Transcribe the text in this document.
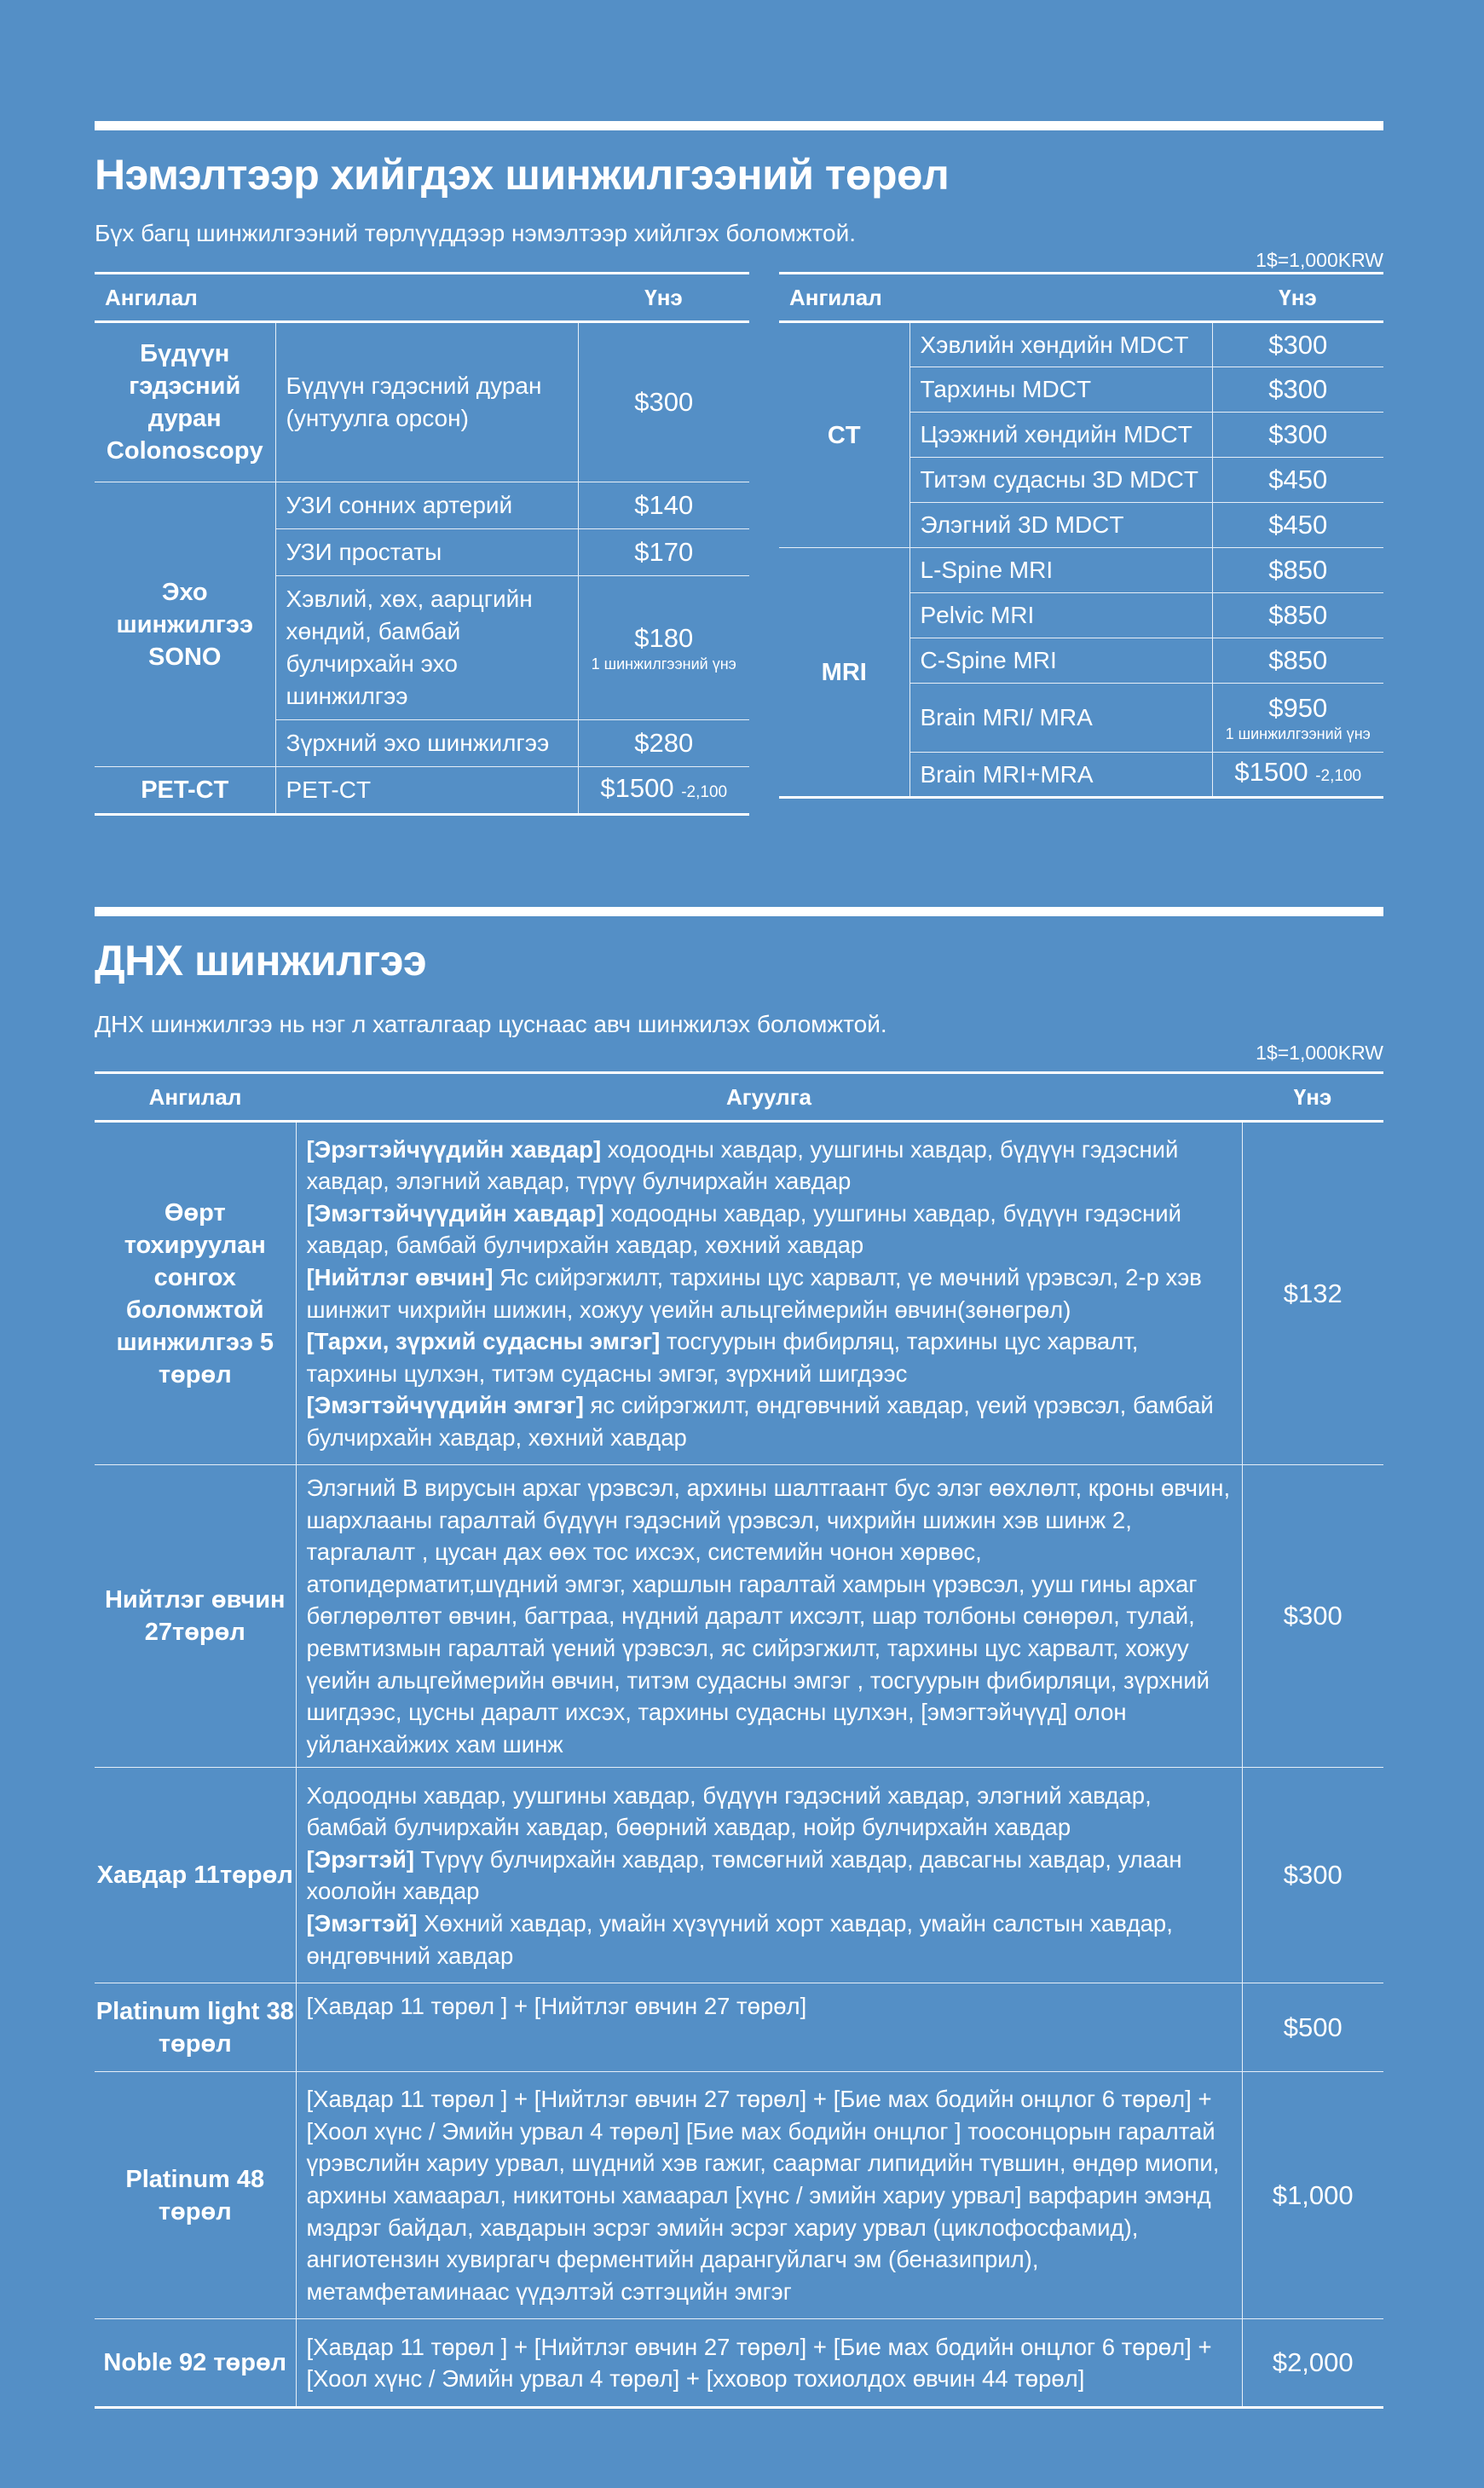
Нэмэлтээр хийгдэх шинжилгээний төрөл
Бүх багц шинжилгээний төрлүүддээр нэмэлтээр хийлгэх боломжтой.
1$=1,000KRW
Ангилал		Үнэ
Бүдүүн гэдэсний дуран Colonoscopy	Бүдүүн гэдэсний дуран (унтуулга орсон)	$300
Эхо шинжилгээ SONO	УЗИ сонних артерий	$140
	УЗИ простаты	$170
	Хэвлий, хөх, аарцгийн хөндий, бамбай булчирхайн эхо шинжилгээ	$180
1 шинжилгээний үнэ

	Зүрхний эхо шинжилгээ	$280
PET-CT	PET-CT	$1500 -2,100
Ангилал		Үнэ
CT	Хэвлийн хөндийн MDCT	$300
	Тархины MDCT	$300
	Цээжний хөндийн MDCT	$300
	Титэм судасны 3D MDCT	$450
	Элэгний 3D MDCT	$450
MRI	L-Spine MRI	$850
	Pelvic MRI	$850
	C-Spine MRI	$850
	Brain MRI/ MRA	$950
1 шинжилгээний үнэ

	Brain MRI+MRA	$1500 -2,100
ДНХ шинжилгээ
ДНХ шинжилгээ нь нэг л хатгалгаар цуснаас авч шинжилэх боломжтой.
1$=1,000KRW
Ангилал	Агуулга	Үнэ
Өөрт тохируулан сонгох боломжтой шинжилгээ 5 төрөл	[Эрэгтэйчүүдийн хавдар] ходоодны хавдар, уушгины хавдар, бүдүүн гэдэсний хавдар, элэгний хавдар, түрүү булчирхайн хавдар
[Эмэгтэйчүүдийн хавдар] ходоодны хавдар, уушгины хавдар, бүдүүн гэдэсний хавдар, бамбай булчирхайн хавдар, хөхний хавдар
[Нийтлэг өвчин] Яс сийрэгжилт, тархины цус харвалт, үе мөчний үрэвсэл, 2-р хэв шинжит чихрийн шижин, хожуу үеийн альцгеймерийн өвчин(зөнөгрөл)
[Тархи, зүрхий судасны эмгэг] тосгуурын фибирляц, тархины цус харвалт, тархины цулхэн, титэм судасны эмгэг, зүрхний шигдээс
[Эмэгтэйчүүдийн эмгэг] яс сийрэгжилт, өндгөвчний хавдар, үеий үрэвсэл, бамбай булчирхайн хавдар, хөхний хавдар	$132
Нийтлэг өвчин 27төрөл	Элэгний В вирусын архаг үрэвсэл, архины шалтгаант бус элэг өөхлөлт, кроны өвчин, шархлааны гаралтай бүдүүн гэдэсний үрэвсэл, чихрийн шижин хэв шинж 2, таргалалт , цусан дах өөх тос ихсэх, системийн чонон хөрвөс, атопидерматит,шүдний эмгэг, харшлын гаралтай хамрын үрэвсэл, ууш гины архаг бөглөрөлтөт өвчин, багтраа, нүдний даралт ихсэлт, шар толбоны сөнөрөл, тулай, ревмтизмын гаралтай үений үрэвсэл, яс сийрэгжилт, тархины цус харвалт, хожуу үеийн альцгеймерийн өвчин, титэм судасны эмгэг , тосгуурын фибирляци, зүрхний шигдээс, цусны даралт ихсэх, тархины судасны цулхэн, [эмэгтэйчүүд] олон уйланхайжих хам шинж	$300
Хавдар 11төрөл	Ходоодны хавдар, уушгины хавдар, бүдүүн гэдэсний хавдар, элэгний хавдар, бамбай булчирхайн хавдар, бөөрний хавдар, нойр булчирхайн хавдар
[Эрэгтэй] Түрүү булчирхайн хавдар, төмсөгний хавдар, давсагны хавдар, улаан хоолойн хавдар
[Эмэгтэй] Хөхний хавдар, умайн хүзүүний хорт хавдар, умайн салстын хавдар, өндгөвчний хавдар	$300
Platinum light 38 төрөл	[Хавдар 11 төрөл ] + [Нийтлэг өвчин 27 төрөл]	$500
Platinum 48 төрөл	[Хавдар 11 төрөл ] + [Нийтлэг өвчин 27 төрөл] + [Бие мах бодийн онцлог 6 төрөл] + [Хоол хүнс / Эмийн урвал 4 төрөл] [Бие мах бодийн онцлог ] тоосонцорын гаралтай үрэвслийн хариу урвал, шүдний хэв гажиг, саармаг липидийн түвшин, өндөр миопи, архины хамаарал, никитоны хамаарал [хүнс / эмийн хариу урвал] варфарин эмэнд мэдрэг байдал, хавдарын эсрэг эмийн эсрэг хариу урвал (циклофосфамид), ангиотензин хувиргагч ферментийн дарангуйлагч эм (беназиприл), метамфетаминаас үүдэлтэй сэтгэцийн эмгэг	$1,000
Noble 92 төрөл	[Хавдар 11 төрөл ] + [Нийтлэг өвчин 27 төрөл] + [Бие мах бодийн онцлог 6 төрөл] + [Хоол хүнс / Эмийн урвал 4 төрөл] + [хховор тохиолдох өвчин 44 төрөл]	$2,000
